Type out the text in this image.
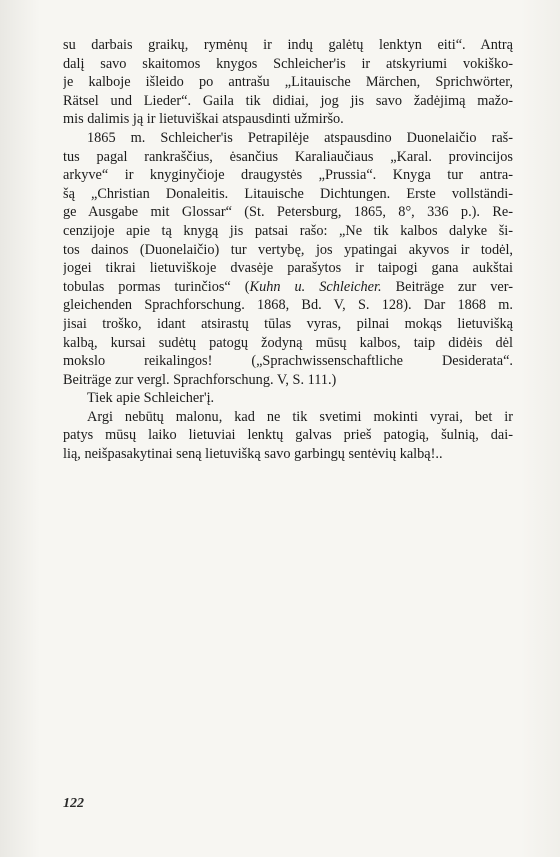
su darbais graikų, rymėnų ir indų galėtų lenktyn eiti“. Antrą
dalį savo skaitomos knygos Schleicher'is ir atskyriumi vokiško-
je kalboje išleido po antrašu „Litauische Märchen, Sprichwörter,
Rätsel und Lieder“. Gaila tik didiai, jog jis savo žadėjimą mažo-
mis dalimis ją ir lietuviškai atspausdinti užmiršo.
1865 m. Schleicher'is Petrapilėje atspausdino Duonelaičio raš-
tus pagal rankraščius, ėsančius Karaliaučiaus „Karal. provincijos
arkyve“ ir knyginyčioje draugystės „Prussia“. Knyga tur antra-
šą „Christian Donaleitis. Litauische Dichtungen. Erste vollständi-
ge Ausgabe mit Glossar“ (St. Petersburg, 1865, 8°, 336 p.). Re-
cenzijoje apie tą knygą jis patsai rašo: „Ne tik kalbos dalyke ši-
tos dainos (Duonelaičio) tur vertybę, jos ypatingai akyvos ir todėl,
jogei tikrai lietuviškoje dvasėje parašytos ir taipogi gana aukštai
tobulas pormas turinčios“ (Kuhn u. Schleicher. Beiträge zur ver-
gleichenden Sprachforschung. 1868, Bd. V, S. 128). Dar 1868 m.
jisai troško, idant atsirastų tūlas vyras, pilnai mokąs lietuvišką
kalbą, kursai sudėtų patogų žodyną mūsų kalbos, taip didėis dėl
mokslo reikalingos! („Sprachwissenschaftliche Desiderata“.
Beiträge zur vergl. Sprachforschung. V, S. 111.)
Tiek apie Schleicher'į.
Argi nebūtų malonu, kad ne tik svetimi mokinti vyrai, bet ir
patys mūsų laiko lietuviai lenktų galvas prieš patogią, šulnią, dai-
lią, neišpasakytinai seną lietuvišką savo garbingų sentėvių kalbą!..
122
